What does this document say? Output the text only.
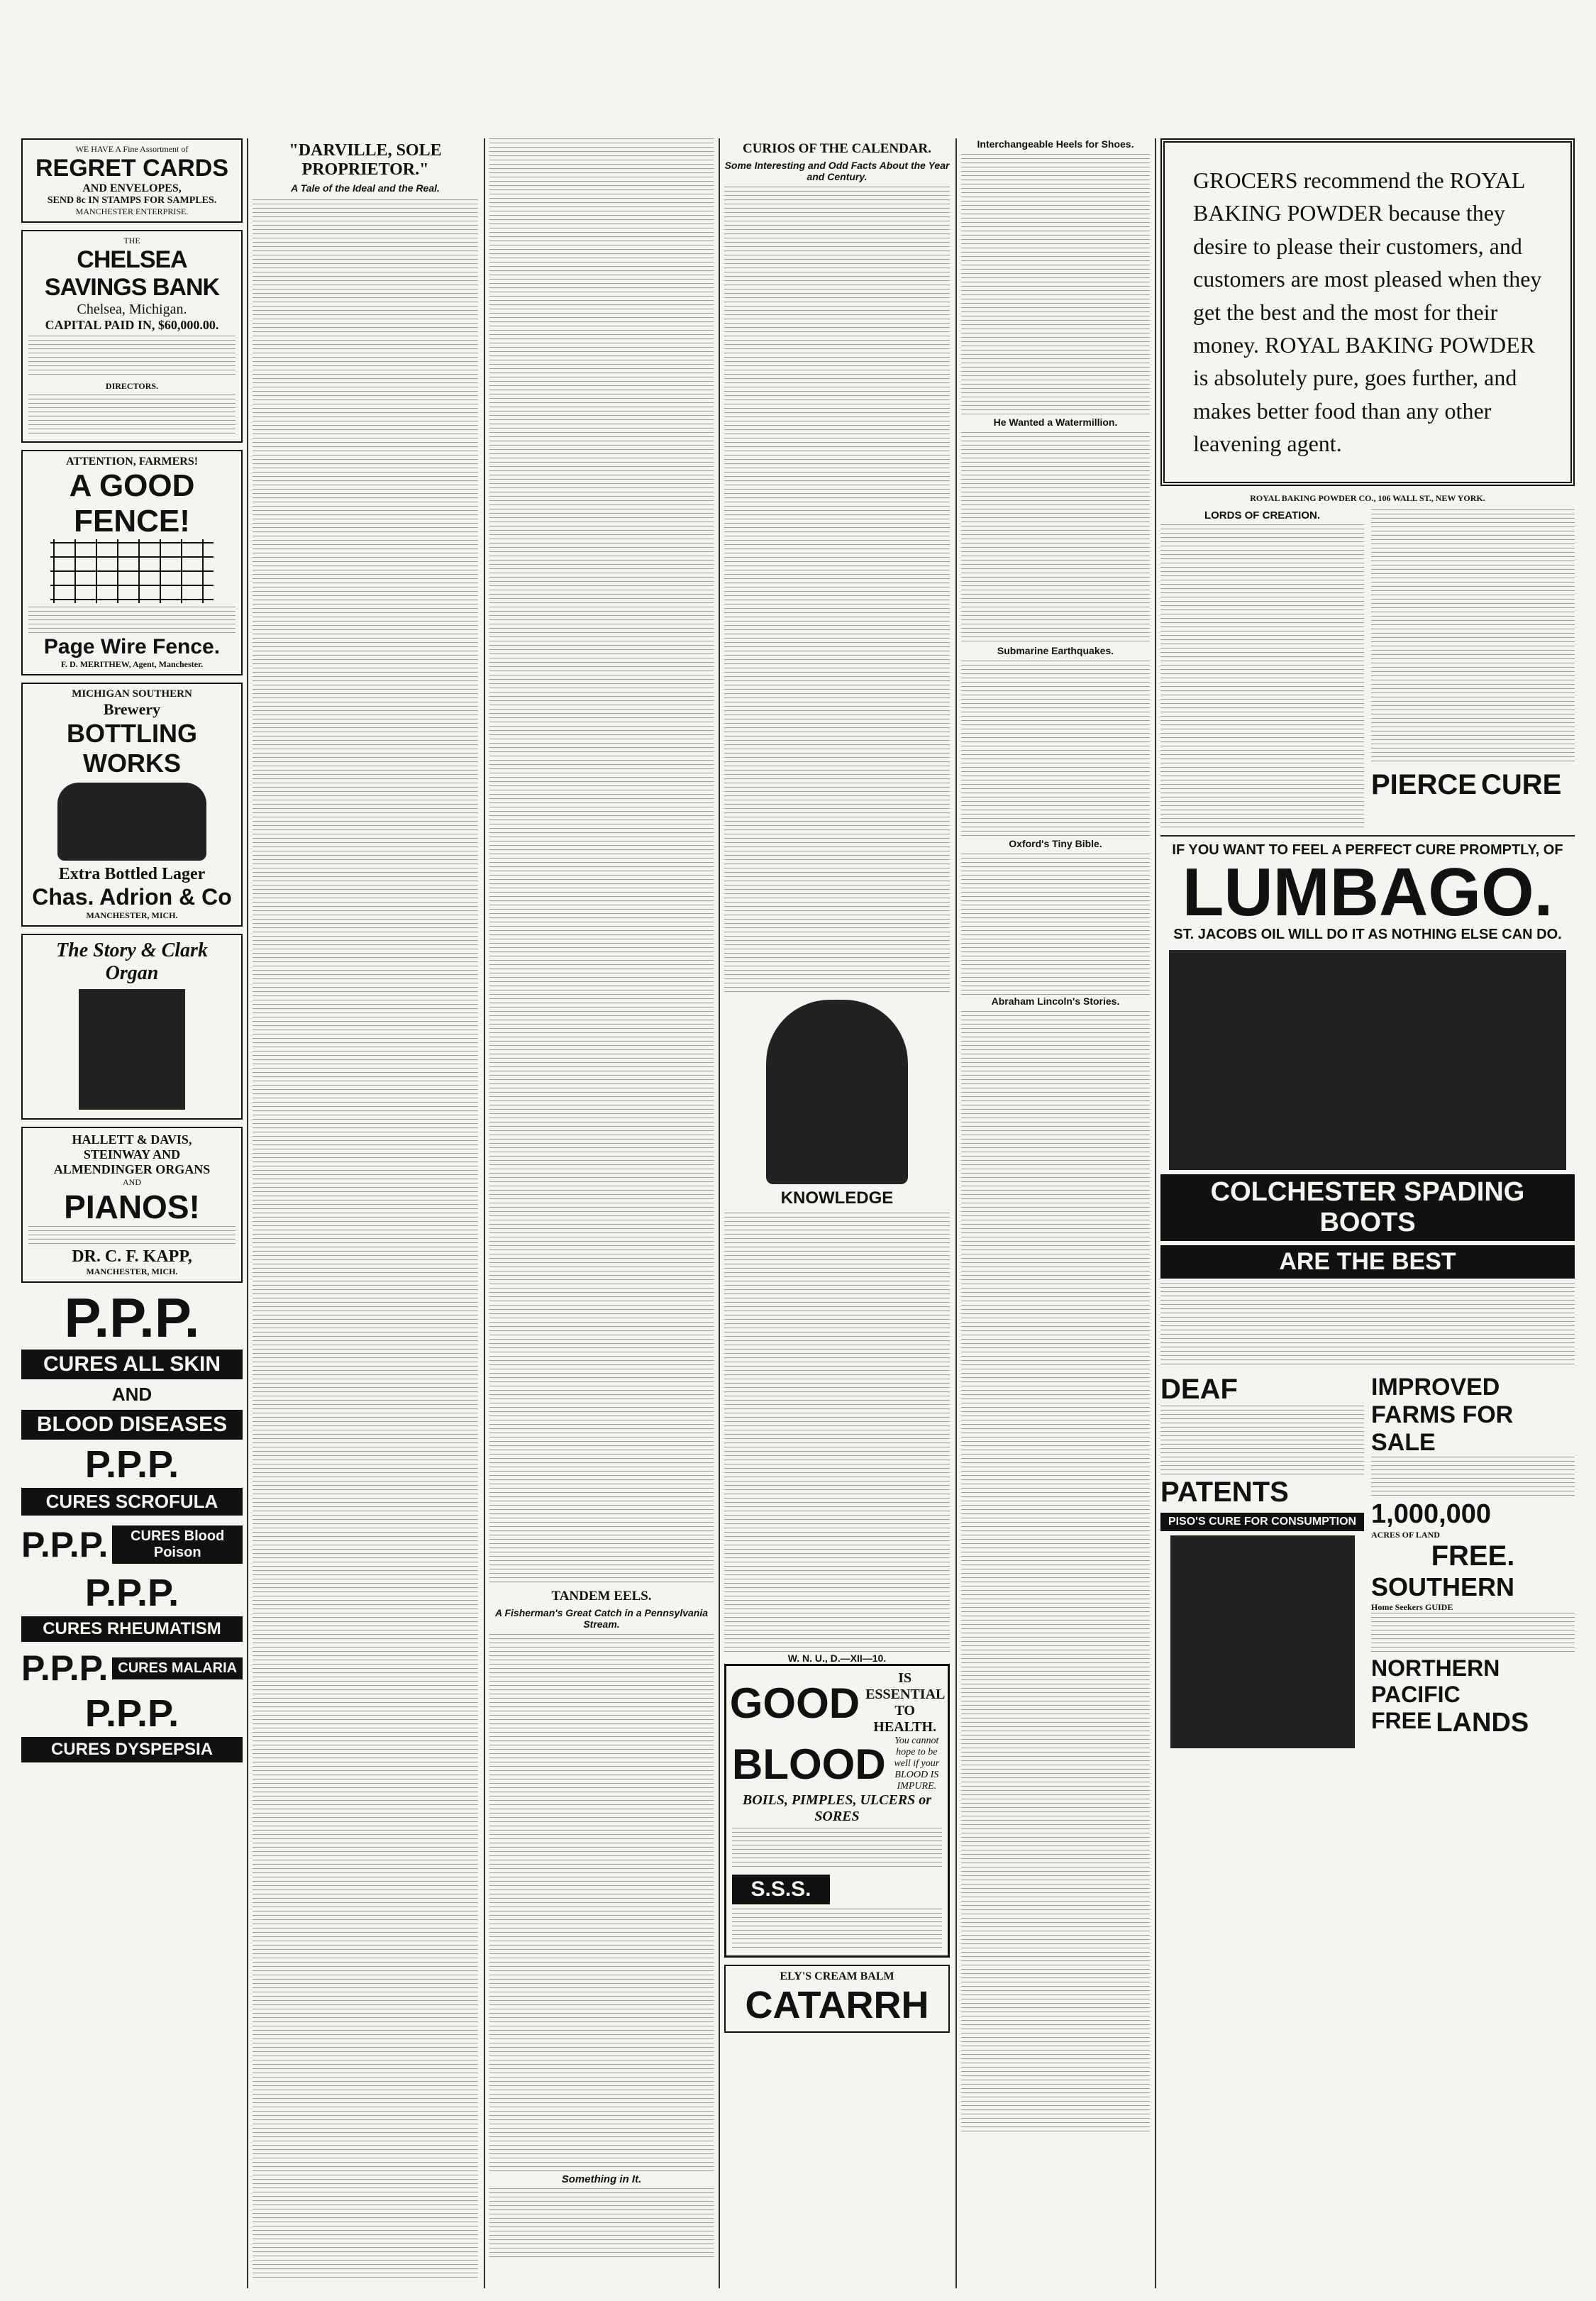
WE HAVE A Fine Assortment of
REGRET CARDS
AND ENVELOPES,
SEND 8c IN STAMPS FOR SAMPLES.
MANCHESTER ENTERPRISE.
THE
CHELSEA SAVINGS BANK
Chelsea, Michigan.
CAPITAL PAID IN, $60,000.00.
DIRECTORS.
ATTENTION, FARMERS!
A GOOD FENCE!
Page Wire Fence.
F. D. MERITHEW, Agent, Manchester.
MICHIGAN SOUTHERN
Brewery
BOTTLING WORKS
Extra Bottled Lager
Chas. Adrion & Co
MANCHESTER, MICH.
The Story & Clark Organ
HALLETT & DAVIS,
STEINWAY AND
ALMENDINGER ORGANS
AND
PIANOS!
DR. C. F. KAPP,
MANCHESTER, MICH.
P.P.P.
CURES ALL SKIN
AND
BLOOD DISEASES
P.P.P.
CURES SCROFULA
P.P.P.	CURES Blood Poison
P.P.P.
CURES RHEUMATISM
P.P.P. CURES MALARIA
P.P.P.
CURES DYSPEPSIA
"DARVILLE, SOLE PROPRIETOR."
A Tale of the Ideal and the Real.
TANDEM EELS.
A Fisherman's Great Catch in a Pennsylvania Stream.
Something in It.
CURIOS OF THE CALENDAR.
Some Interesting and Odd Facts About the Year and Century.
KNOWLEDGE
W. N. U., D.—XII—10.
GOOD
IS ESSENTIAL TO HEALTH.
BLOOD You cannot hope to be well if your BLOOD IS IMPURE.
BOILS, PIMPLES, ULCERS or SORES
S.S.S.
ELY'S CREAM BALM
CATARRH
Interchangeable Heels for Shoes.
He Wanted a Watermillion.
Submarine Earthquakes.
Oxford's Tiny Bible.
Abraham Lincoln's Stories.
GROCERS recommend the ROYAL BAKING POWDER because they desire to please their customers, and customers are most pleased when they get the best and the most for their money. ROYAL BAKING POWDER is absolutely pure, goes further, and makes better food than any other leavening agent.
ROYAL BAKING POWDER CO., 106 WALL ST., NEW YORK.
LORDS OF CREATION.
PIERCE CURE
IF YOU WANT TO FEEL A PERFECT CURE PROMPTLY, OF
LUMBAGO.
ST. JACOBS OIL WILL DO IT AS NOTHING ELSE CAN DO.
COLCHESTER SPADING BOOTS
ARE THE BEST
DEAF
PATENTS
PISO'S CURE FOR CONSUMPTION
IMPROVED FARMS FOR SALE
1,000,000
ACRES OF LAND
FREE.
SOUTHERN
Home Seekers GUIDE
NORTHERN PACIFIC
FREE LANDS
